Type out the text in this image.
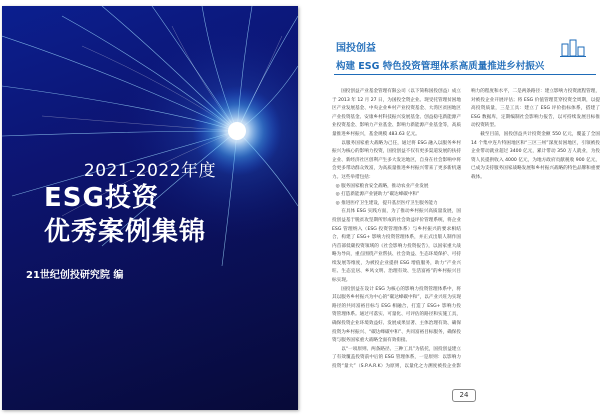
2021-2022年度
ESG投资
优秀案例集锦
21世纪创投研究院 编
国投创益
构建 ESG 特色投资管理体系高质量推进乡村振兴

国投创益产业基金管理有限公司（以下简称国投创益）成立于 2013 年 12 月 27 日，为国投全资企业。现受托管理贫困地区产业发展基金、中央企业乡村产业投资基金、大湾区贫困地区产业投资基金、安康乡村科技振兴发展基金、创益稳屯新能源产业投资基金、影响力产业基金、影响力新能源产业基金等，高质量推进乡村振兴，基金规模 483.63 亿元。

以服务国家重大战略为己任，通过将 ESG 融入以服务乡村振兴为核心的影响力投资，国投创益不仅有更多渠道发展的扶持企业、新经济社区创利产生多大发达地区，自身在社会影响中将会更多带动群众致富，为高质量推进乡村振兴带来了更多新机遇力。这些举措包括：

◎ 服务国家粮食安全战略，推动农业产业发展

◎ 打造新能源产业链助力“碳达峰碳中和”

◎ 推进医疗卫生建设，提升基层医疗卫生服务能力

在具体 ESG 实践方面，为了推动乡村振兴高质量发展，国投创益基于脱贫攻坚期所形成的社会效益评价管理系统，将企业 ESG 管理纳入（ESG 投资管理体系）与乡村振兴的要求相结合，构建了 ESG+ 影响力投资管理体系，并正式出版人制作国内首部低碳投资领域的《社会影响力投资报告》，以国家重大战略为导向，重点围绕产业帮扶、社会效益、生态环境保护、可持续发展等维度，为被投企业提供 ESG 增值服务，助力“产业兴旺、生态宜居、乡风文明、治理有效、生活富裕”的乡村振兴目标实现。

国投创益在设计 ESG 为核心的影响力投资管理体系中，将其以服务乡村振兴为中心的“碳达峰碳中和”，以产业兴旺为实现路径的共同富裕目标与 ESG 相融合，打造了 ESG+ 影响力投资管理体系。通过可落实、可量化、可评估的路径和实施工具，确保投资企业环境效益好、发展成果显著、主体治理有效、确保投资为乡村振兴、“碳达峰碳中和”、共同富裕目标服务，确保投资与服务国家重大战略全面有效衔接。

以“一项原则、两条路径、三种工具”为依托，国投创益建立了有效覆盖投资前中后的 ESG 管理体系，一是原则：以影响力投资“量大”（S.P.A.R.K）为原则，以量化之力测度被投企业影响力的程度和水平，二是两条路径：建立影响力投资流程管理，对被投企业开展评估；将 ESG 价值管理贯穿投资全周期，以提高投资质量，三是工具：建立了 ESG 评价指标体系，搭建了 ESG 数据库，定期编制社会影响力报告，以可持续发展目标推动投资转型。

截至目前，国投创益共计投资金额 550 亿元，覆盖了全国 14 个集中连片特困地区和“三区三州”深度贫困地区，引领被投企业带动就业超过 3400 亿元，累计带动 350 万人就业，为投资人民提供收入 4000 亿元，为地方政府贡献税收 900 亿元，已成为支持服务国家战略发展和乡村振兴战略的特色品牌和重要载体。

24
